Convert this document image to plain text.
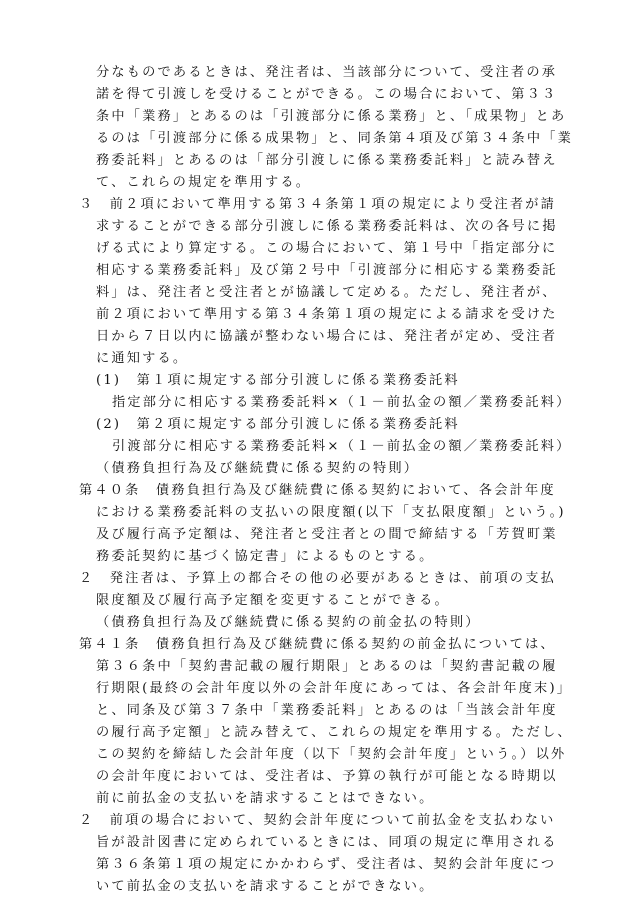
分なものであるときは、発注者は、当該部分について、受注者の承
諾を得て引渡しを受けることができる。この場合において、第３３
条中「業務」とあるのは「引渡部分に係る業務」と、「成果物」とあ
るのは「引渡部分に係る成果物」と、同条第４項及び第３４条中「業
務委託料」とあるのは「部分引渡しに係る業務委託料」と読み替え
て、これらの規定を準用する。
３　前２項において準用する第３４条第１項の規定により受注者が請
求することができる部分引渡しに係る業務委託料は、次の各号に掲
げる式により算定する。この場合において、第１号中「指定部分に
相応する業務委託料」及び第２号中「引渡部分に相応する業務委託
料」は、発注者と受注者とが協議して定める。ただし、発注者が、
前２項において準用する第３４条第１項の規定による請求を受けた
日から７日以内に協議が整わない場合には、発注者が定め、受注者
に通知する。
(1)　第１項に規定する部分引渡しに係る業務委託料
指定部分に相応する業務委託料×（１－前払金の額／業務委託料）
(2)　第２項に規定する部分引渡しに係る業務委託料
引渡部分に相応する業務委託料×（１－前払金の額／業務委託料）
（債務負担行為及び継続費に係る契約の特則）
第４０条　債務負担行為及び継続費に係る契約において、各会計年度
における業務委託料の支払いの限度額(以下「支払限度額」という。)
及び履行高予定額は、発注者と受注者との間で締結する「芳賀町業
務委託契約に基づく協定書」によるものとする。
２　発注者は、予算上の都合その他の必要があるときは、前項の支払
限度額及び履行高予定額を変更することができる。
（債務負担行為及び継続費に係る契約の前金払の特則）
第４１条　債務負担行為及び継続費に係る契約の前金払については、
第３６条中「契約書記載の履行期限」とあるのは「契約書記載の履
行期限(最終の会計年度以外の会計年度にあっては、各会計年度末)」
と、同条及び第３７条中「業務委託料」とあるのは「当該会計年度
の履行高予定額」と読み替えて、これらの規定を準用する。ただし、
この契約を締結した会計年度（以下「契約会計年度」という。）以外
の会計年度においては、受注者は、予算の執行が可能となる時期以
前に前払金の支払いを請求することはできない。
２　前項の場合において、契約会計年度について前払金を支払わない
旨が設計図書に定められているときには、同項の規定に準用される
第３６条第１項の規定にかかわらず、受注者は、契約会計年度につ
いて前払金の支払いを請求することができない。
